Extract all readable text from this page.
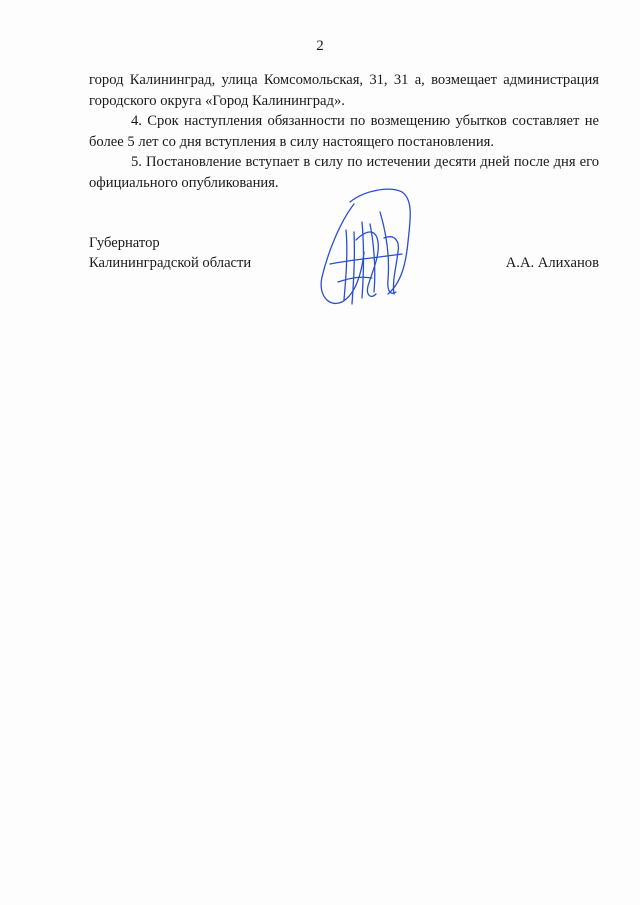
2

город Калининград, улица Комсомольская, 31, 31 а, возмещает администрация городского округа «Город Калининград».

4. Срок наступления обязанности по возмещению убытков составляет не более 5 лет со дня вступления в силу настоящего постановления.

5. Постановление вступает в силу по истечении десяти дней после дня его официального опубликования.

Губернатор
Калининградской области	А.А. Алиханов
